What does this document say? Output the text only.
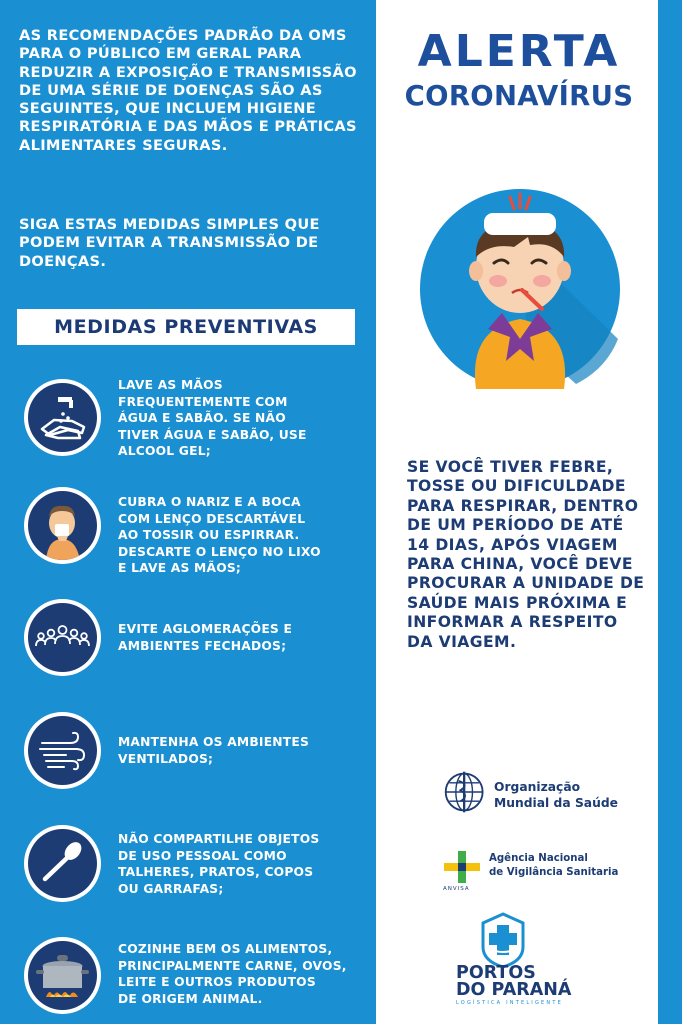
AS RECOMENDAÇÕES PADRÃO DA OMS PARA O PÚBLICO EM GERAL PARA REDUZIR A EXPOSIÇÃO E TRANSMISSÃO DE UMA SÉRIE DE DOENÇAS SÃO AS SEGUINTES, QUE INCLUEM HIGIENE RESPIRATÓRIA E DAS MÃOS E PRÁTICAS ALIMENTARES SEGURAS.

SIGA ESTAS MEDIDAS SIMPLES QUE PODEM EVITAR A TRANSMISSÃO DE DOENÇAS.

MEDIDAS PREVENTIVAS

LAVE AS MÃOS
FREQUENTEMENTE COM
ÁGUA E SABÃO. SE NÃO
TIVER ÁGUA E SABÃO, USE
ALCOOL GEL;

CUBRA O NARIZ E A BOCA
COM LENÇO DESCARTÁVEL
AO TOSSIR OU ESPIRRAR.
DESCARTE O LENÇO NO LIXO
E LAVE AS MÃOS;

EVITE AGLOMERAÇÕES E
AMBIENTES FECHADOS;

MANTENHA OS AMBIENTES
VENTILADOS;

NÃO COMPARTILHE OBJETOS
DE USO PESSOAL COMO
TALHERES, PRATOS, COPOS
OU GARRAFAS;

COZINHE BEM OS ALIMENTOS,
PRINCIPALMENTE CARNE, OVOS,
LEITE E OUTROS PRODUTOS
DE ORIGEM ANIMAL.

ALERTA

CORONAVÍRUS

SE VOCÊ TIVER FEBRE, TOSSE OU DIFICULDADE PARA RESPIRAR, DENTRO DE UM PERÍODO DE ATÉ 14 DIAS, APÓS VIAGEM PARA CHINA, VOCÊ DEVE PROCURAR A UNIDADE DE SAÚDE MAIS PRÓXIMA E INFORMAR A RESPEITO DA VIAGEM.

Organização
Mundial da Saúde

ANVISA

Agência Nacional
de Vigilância Sanitaria

PORTOS
DO PARANÁ

LOGÍSTICA INTELIGENTE
